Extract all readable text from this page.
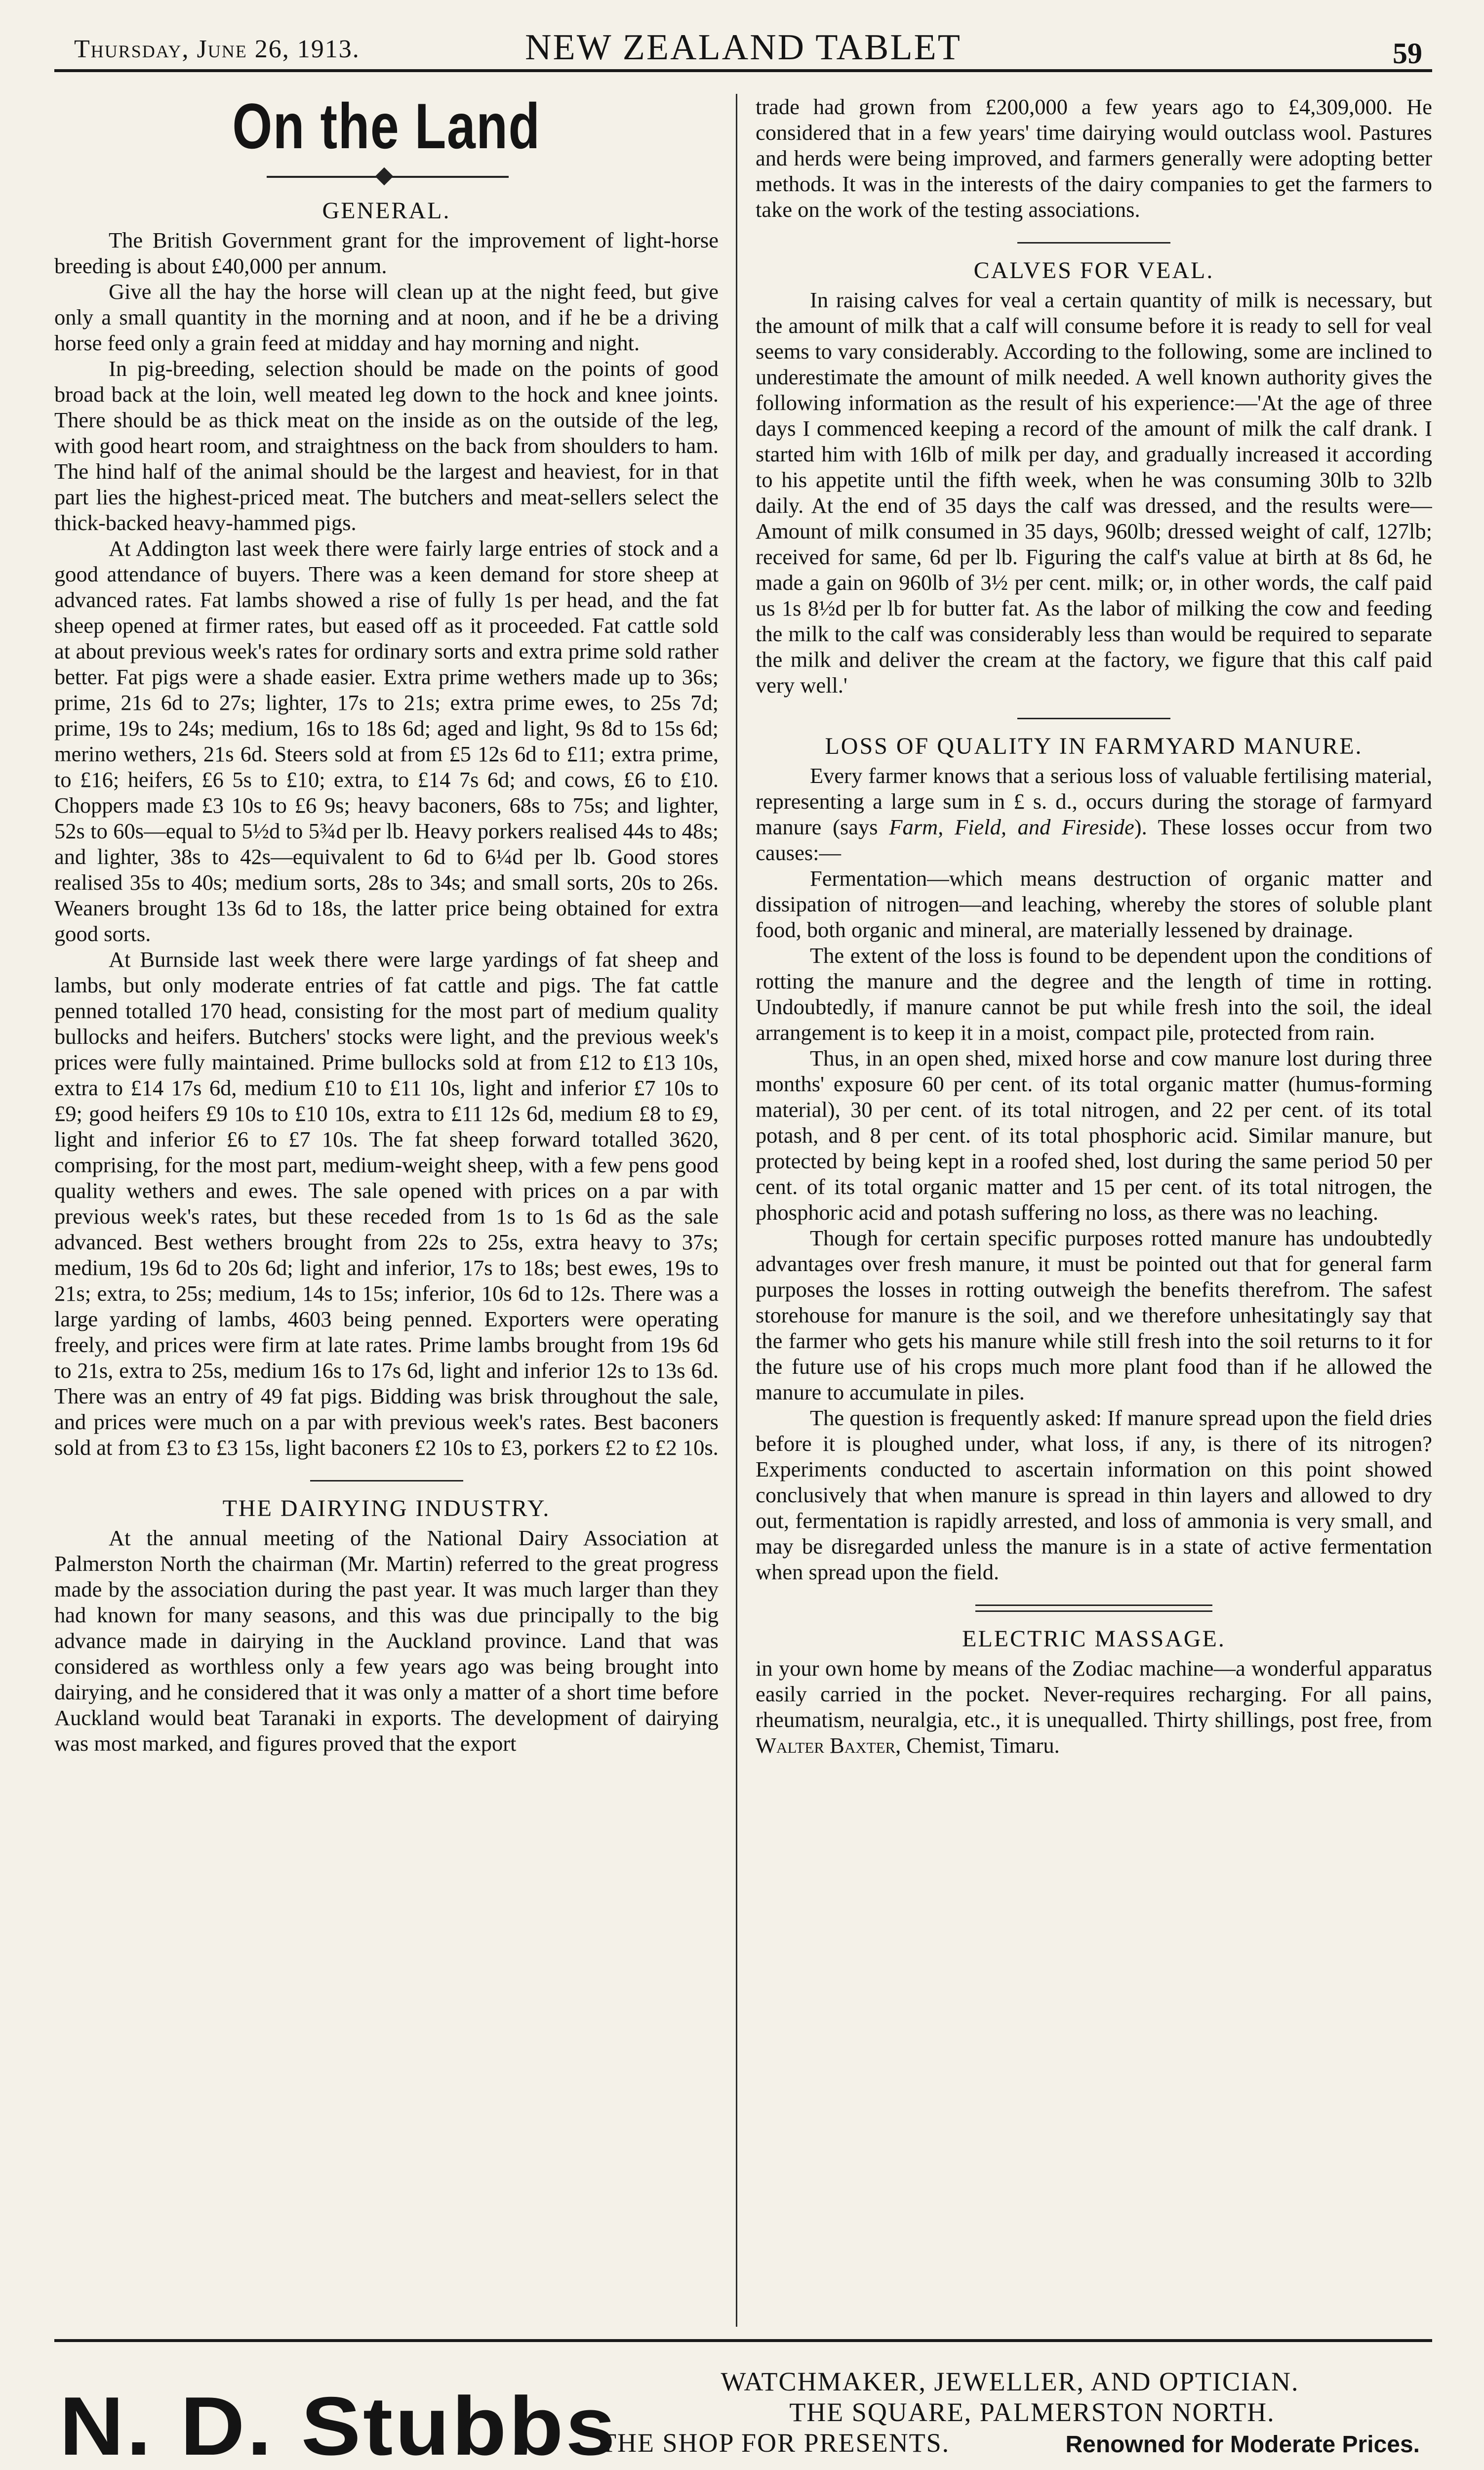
Thursday, June 26, 1913.	NEW ZEALAND TABLET	59
On the Land
GENERAL.

The British Government grant for the improvement of light-horse breeding is about £40,000 per annum.

Give all the hay the horse will clean up at the night feed, but give only a small quantity in the morning and at noon, and if he be a driving horse feed only a grain feed at midday and hay morning and night.

In pig-breeding, selection should be made on the points of good broad back at the loin, well meated leg down to the hock and knee joints. There should be as thick meat on the inside as on the outside of the leg, with good heart room, and straightness on the back from shoulders to ham. The hind half of the animal should be the largest and heaviest, for in that part lies the highest-priced meat. The butchers and meat-sellers select the thick-backed heavy-hammed pigs.

At Addington last week there were fairly large entries of stock and a good attendance of buyers. There was a keen demand for store sheep at advanced rates. Fat lambs showed a rise of fully 1s per head, and the fat sheep opened at firmer rates, but eased off as it proceeded. Fat cattle sold at about previous week's rates for ordinary sorts and extra prime sold rather better. Fat pigs were a shade easier. Extra prime wethers made up to 36s; prime, 21s 6d to 27s; lighter, 17s to 21s; extra prime ewes, to 25s 7d; prime, 19s to 24s; medium, 16s to 18s 6d; aged and light, 9s 8d to 15s 6d; merino wethers, 21s 6d. Steers sold at from £5 12s 6d to £11; extra prime, to £16; heifers, £6 5s to £10; extra, to £14 7s 6d; and cows, £6 to £10. Choppers made £3 10s to £6 9s; heavy baconers, 68s to 75s; and lighter, 52s to 60s—equal to 5½d to 5¾d per lb. Heavy porkers realised 44s to 48s; and lighter, 38s to 42s—equivalent to 6d to 6¼d per lb. Good stores realised 35s to 40s; medium sorts, 28s to 34s; and small sorts, 20s to 26s. Weaners brought 13s 6d to 18s, the latter price being obtained for extra good sorts.

At Burnside last week there were large yardings of fat sheep and lambs, but only moderate entries of fat cattle and pigs. The fat cattle penned totalled 170 head, consisting for the most part of medium quality bullocks and heifers. Butchers' stocks were light, and the previous week's prices were fully maintained. Prime bullocks sold at from £12 to £13 10s, extra to £14 17s 6d, medium £10 to £11 10s, light and inferior £7 10s to £9; good heifers £9 10s to £10 10s, extra to £11 12s 6d, medium £8 to £9, light and inferior £6 to £7 10s. The fat sheep forward totalled 3620, comprising, for the most part, medium-weight sheep, with a few pens good quality wethers and ewes. The sale opened with prices on a par with previous week's rates, but these receded from 1s to 1s 6d as the sale advanced. Best wethers brought from 22s to 25s, extra heavy to 37s; medium, 19s 6d to 20s 6d; light and inferior, 17s to 18s; best ewes, 19s to 21s; extra, to 25s; medium, 14s to 15s; inferior, 10s 6d to 12s. There was a large yarding of lambs, 4603 being penned. Exporters were operating freely, and prices were firm at late rates. Prime lambs brought from 19s 6d to 21s, extra to 25s, medium 16s to 17s 6d, light and inferior 12s to 13s 6d. There was an entry of 49 fat pigs. Bidding was brisk throughout the sale, and prices were much on a par with previous week's rates. Best baconers sold at from £3 to £3 15s, light baconers £2 10s to £3, porkers £2 to £2 10s.

THE DAIRYING INDUSTRY.

At the annual meeting of the National Dairy Association at Palmerston North the chairman (Mr. Martin) referred to the great progress made by the association during the past year. It was much larger than they had known for many seasons, and this was due principally to the big advance made in dairying in the Auckland province. Land that was considered as worthless only a few years ago was being brought into dairying, and he considered that it was only a matter of a short time before Auckland would beat Taranaki in exports. The development of dairying was most marked, and figures proved that the export

trade had grown from £200,000 a few years ago to £4,309,000. He considered that in a few years' time dairying would outclass wool. Pastures and herds were being improved, and farmers generally were adopting better methods. It was in the interests of the dairy companies to get the farmers to take on the work of the testing associations.

CALVES FOR VEAL.

In raising calves for veal a certain quantity of milk is necessary, but the amount of milk that a calf will consume before it is ready to sell for veal seems to vary considerably. According to the following, some are inclined to underestimate the amount of milk needed. A well known authority gives the following information as the result of his experience:—'At the age of three days I commenced keeping a record of the amount of milk the calf drank. I started him with 16lb of milk per day, and gradually increased it according to his appetite until the fifth week, when he was consuming 30lb to 32lb daily. At the end of 35 days the calf was dressed, and the results were—Amount of milk consumed in 35 days, 960lb; dressed weight of calf, 127lb; received for same, 6d per lb. Figuring the calf's value at birth at 8s 6d, he made a gain on 960lb of 3½ per cent. milk; or, in other words, the calf paid us 1s 8½d per lb for butter fat. As the labor of milking the cow and feeding the milk to the calf was considerably less than would be required to separate the milk and deliver the cream at the factory, we figure that this calf paid very well.'

LOSS OF QUALITY IN FARMYARD MANURE.

Every farmer knows that a serious loss of valuable fertilising material, representing a large sum in £ s. d., occurs during the storage of farmyard manure (says Farm, Field, and Fireside). These losses occur from two causes:—

Fermentation—which means destruction of organic matter and dissipation of nitrogen—and leaching, whereby the stores of soluble plant food, both organic and mineral, are materially lessened by drainage.

The extent of the loss is found to be dependent upon the conditions of rotting the manure and the degree and the length of time in rotting. Undoubtedly, if manure cannot be put while fresh into the soil, the ideal arrangement is to keep it in a moist, compact pile, protected from rain.

Thus, in an open shed, mixed horse and cow manure lost during three months' exposure 60 per cent. of its total organic matter (humus-forming material), 30 per cent. of its total nitrogen, and 22 per cent. of its total potash, and 8 per cent. of its total phosphoric acid. Similar manure, but protected by being kept in a roofed shed, lost during the same period 50 per cent. of its total organic matter and 15 per cent. of its total nitrogen, the phosphoric acid and potash suffering no loss, as there was no leaching.

Though for certain specific purposes rotted manure has undoubtedly advantages over fresh manure, it must be pointed out that for general farm purposes the losses in rotting outweigh the benefits therefrom. The safest storehouse for manure is the soil, and we therefore unhesitatingly say that the farmer who gets his manure while still fresh into the soil returns to it for the future use of his crops much more plant food than if he allowed the manure to accumulate in piles.

The question is frequently asked: If manure spread upon the field dries before it is ploughed under, what loss, if any, is there of its nitrogen? Experiments conducted to ascertain information on this point showed conclusively that when manure is spread in thin layers and allowed to dry out, fermentation is rapidly arrested, and loss of ammonia is very small, and may be disregarded unless the manure is in a state of active fermentation when spread upon the field.

ELECTRIC MASSAGE.

in your own home by means of the Zodiac machine—a wonderful apparatus easily carried in the pocket. Never-requires recharging. For all pains, rheumatism, neuralgia, etc., it is unequalled. Thirty shillings, post free, from Walter Baxter, Chemist, Timaru.

N. D. Stubbs	WATCHMAKER, JEWELLER, AND OPTICIAN.
THE SQUARE, PALMERSTON NORTH.
THE SHOP FOR PRESENTS.	Renowned for Moderate Prices.
